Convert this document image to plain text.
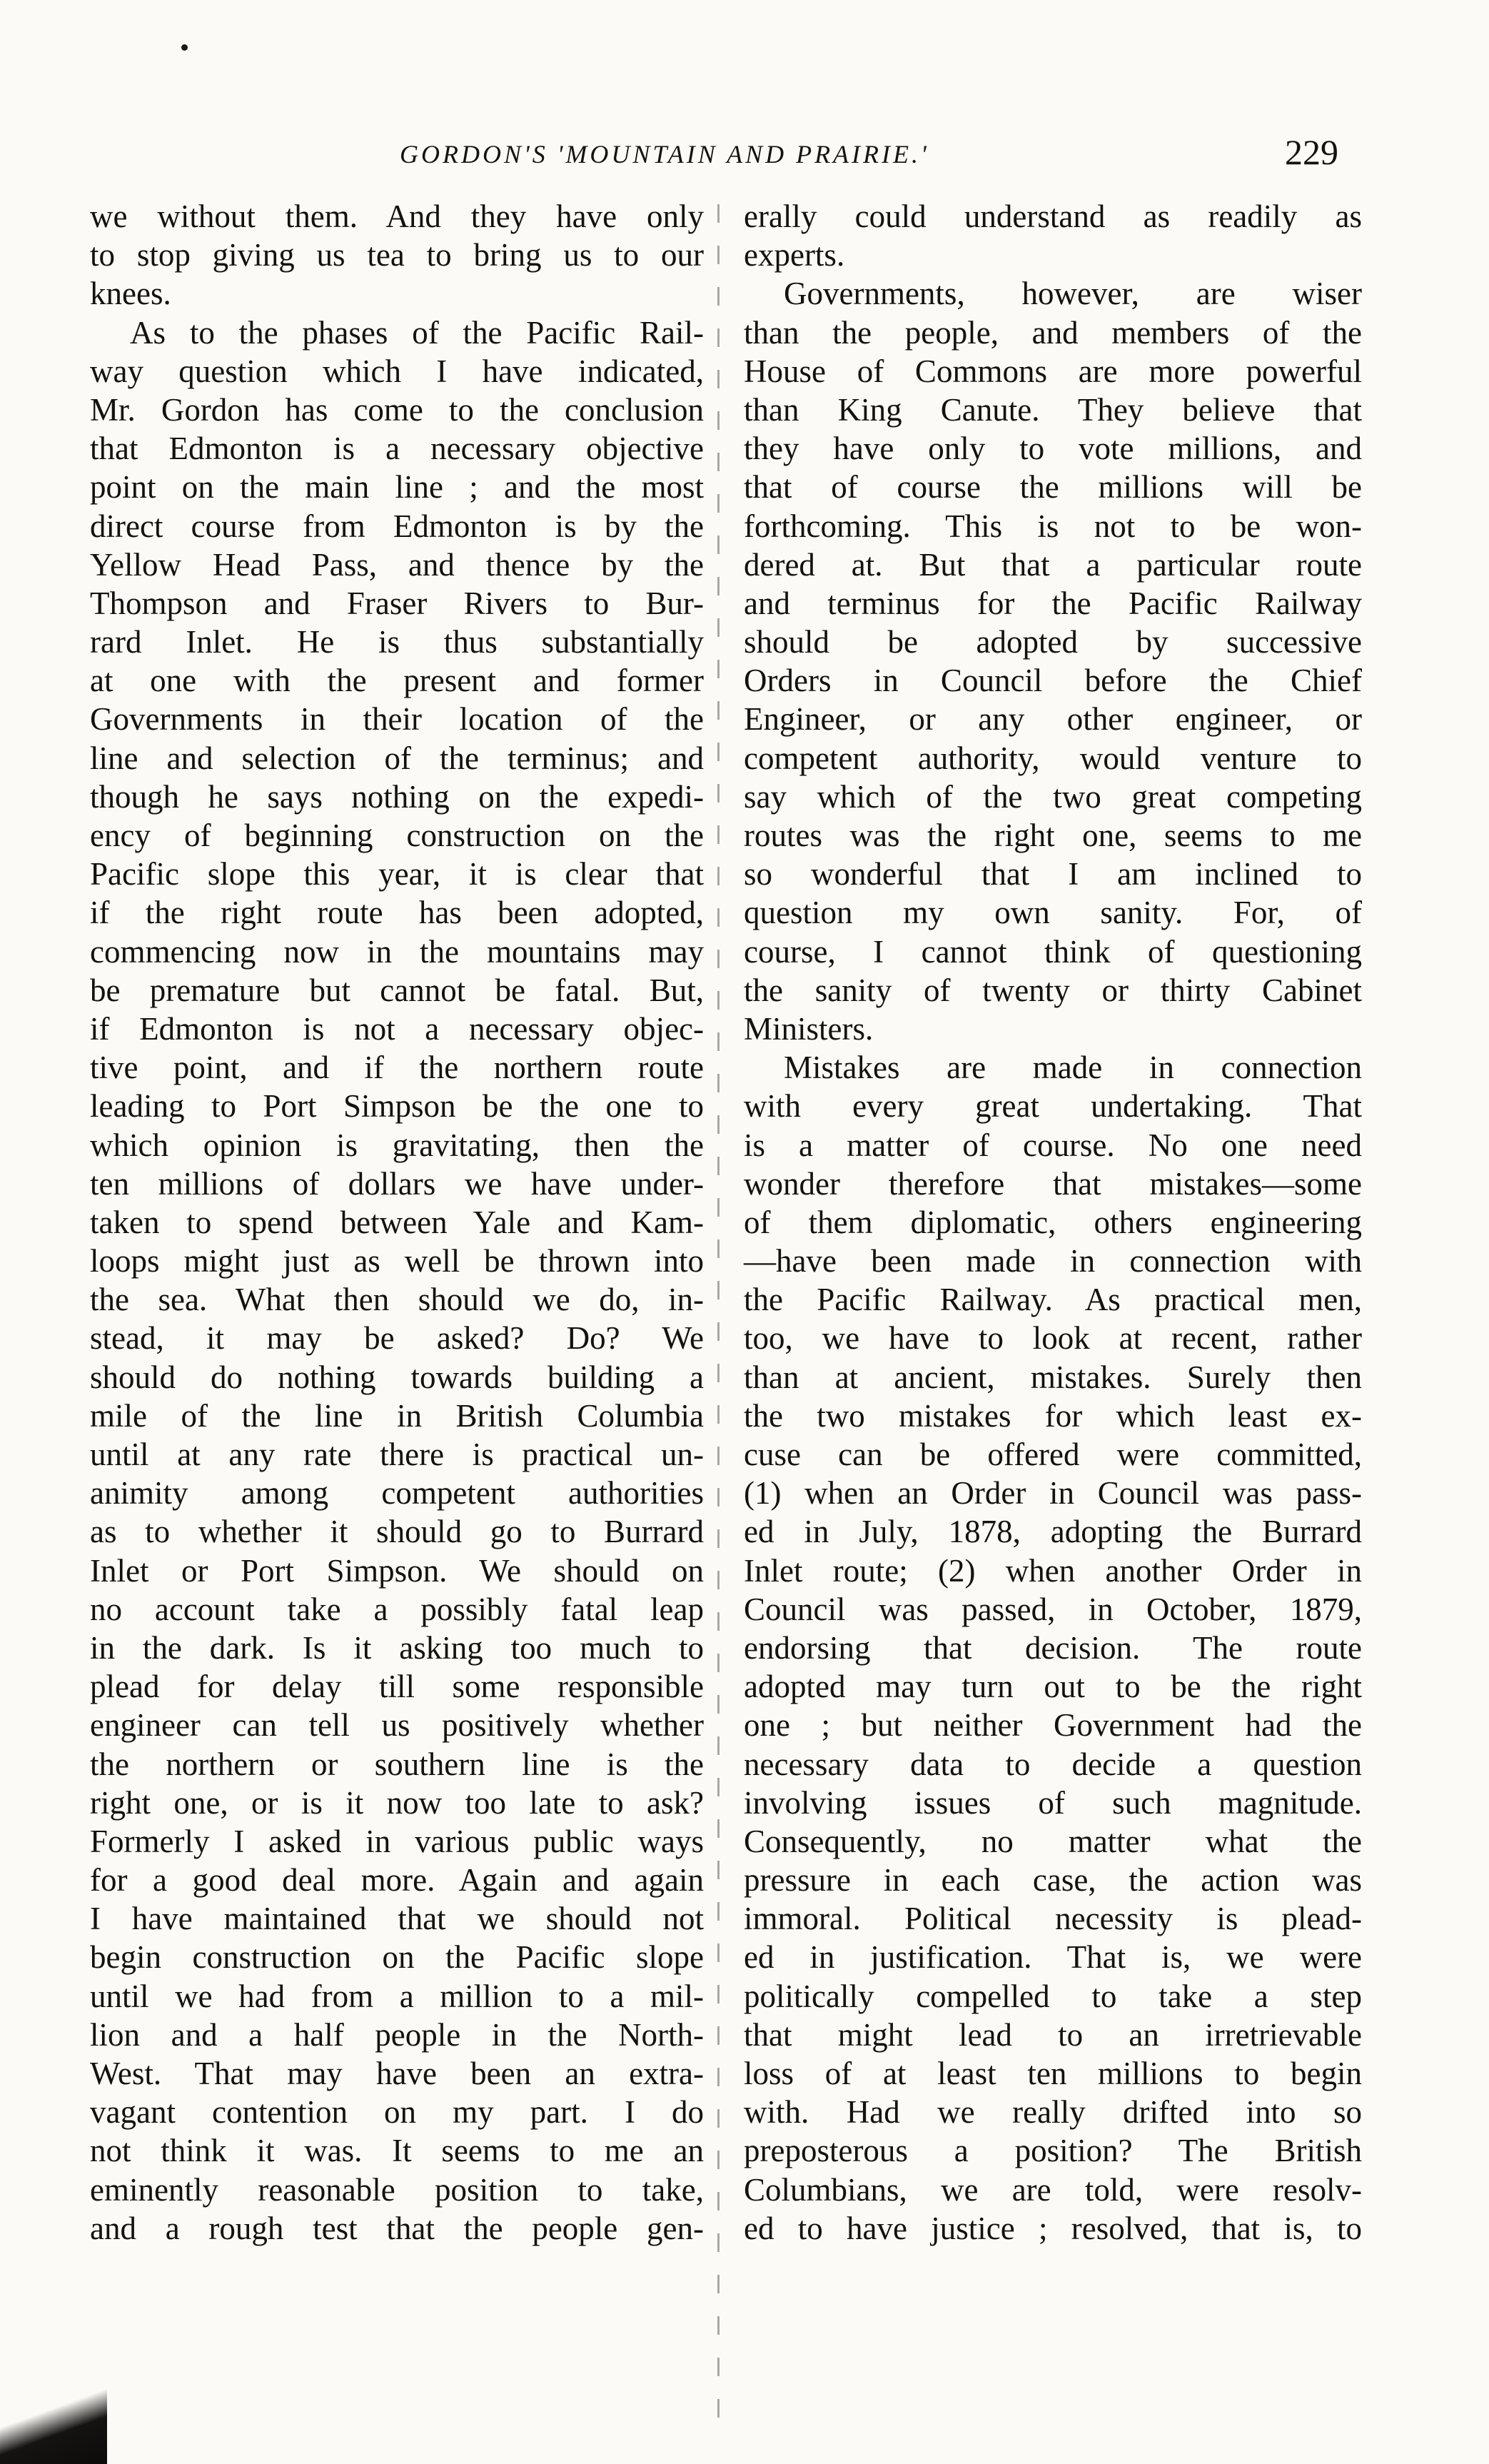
GORDON'S 'MOUNTAIN AND PRAIRIE.'	229
we without them. And they have only
to stop giving us tea to bring us to our
knees.
As to the phases of the Pacific Rail-
way question which I have indicated,
Mr. Gordon has come to the conclusion
that Edmonton is a necessary objective
point on the main line ; and the most
direct course from Edmonton is by the
Yellow Head Pass, and thence by the
Thompson and Fraser Rivers to Bur-
rard Inlet. He is thus substantially
at one with the present and former
Governments in their location of the
line and selection of the terminus; and
though he says nothing on the expedi-
ency of beginning construction on the
Pacific slope this year, it is clear that
if the right route has been adopted,
commencing now in the mountains may
be premature but cannot be fatal. But,
if Edmonton is not a necessary objec-
tive point, and if the northern route
leading to Port Simpson be the one to
which opinion is gravitating, then the
ten millions of dollars we have under-
taken to spend between Yale and Kam-
loops might just as well be thrown into
the sea. What then should we do, in-
stead, it may be asked? Do? We
should do nothing towards building a
mile of the line in British Columbia
until at any rate there is practical un-
animity among competent authorities
as to whether it should go to Burrard
Inlet or Port Simpson. We should on
no account take a possibly fatal leap
in the dark. Is it asking too much to
plead for delay till some responsible
engineer can tell us positively whether
the northern or southern line is the
right one, or is it now too late to ask?
Formerly I asked in various public ways
for a good deal more. Again and again
I have maintained that we should not
begin construction on the Pacific slope
until we had from a million to a mil-
lion and a half people in the North-
West. That may have been an extra-
vagant contention on my part. I do
not think it was. It seems to me an
eminently reasonable position to take,
and a rough test that the people gen-
erally could understand as readily as
experts.
Governments, however, are wiser
than the people, and members of the
House of Commons are more powerful
than King Canute. They believe that
they have only to vote millions, and
that of course the millions will be
forthcoming. This is not to be won-
dered at. But that a particular route
and terminus for the Pacific Railway
should be adopted by successive
Orders in Council before the Chief
Engineer, or any other engineer, or
competent authority, would venture to
say which of the two great competing
routes was the right one, seems to me
so wonderful that I am inclined to
question my own sanity. For, of
course, I cannot think of questioning
the sanity of twenty or thirty Cabinet
Ministers.
Mistakes are made in connection
with every great undertaking. That
is a matter of course. No one need
wonder therefore that mistakes—some
of them diplomatic, others engineering
—have been made in connection with
the Pacific Railway. As practical men,
too, we have to look at recent, rather
than at ancient, mistakes. Surely then
the two mistakes for which least ex-
cuse can be offered were committed,
(1) when an Order in Council was pass-
ed in July, 1878, adopting the Burrard
Inlet route; (2) when another Order in
Council was passed, in October, 1879,
endorsing that decision. The route
adopted may turn out to be the right
one ; but neither Government had the
necessary data to decide a question
involving issues of such magnitude.
Consequently, no matter what the
pressure in each case, the action was
immoral. Political necessity is plead-
ed in justification. That is, we were
politically compelled to take a step
that might lead to an irretrievable
loss of at least ten millions to begin
with. Had we really drifted into so
preposterous a position? The British
Columbians, we are told, were resolv-
ed to have justice ; resolved, that is, to
